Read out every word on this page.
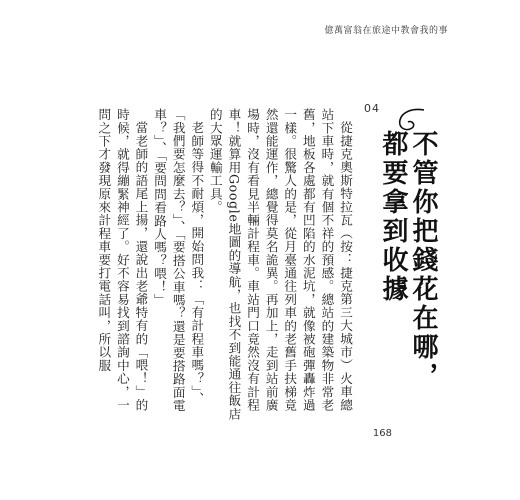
億萬富翁在旅途中教會我的事

從捷克奧斯特拉瓦（按：捷克第三大城市）火車總站下車時，就有個不祥的預感。總站的建築物非常老舊，地板各處都有凹陷的水泥坑，就像被砲彈轟炸過一樣。很驚人的是，從月臺通往列車的老舊手扶梯竟然還能運作，總覺得莫名詭異。再加上，走到站前廣場時，沒有看見半輛計程車。車站門口竟然沒有計程車！就算用Google地圖的導航，也找不到能通往飯店的大眾運輸工具。

老師等得不耐煩，開始問我：「有計程車嗎？」、「我們要怎麼去？」、「要搭公車嗎？還是要搭路面電車？」、「要問問看路人嗎？喂！」

當老師的語尾上揚，還說出老爺特有的「喂！」的時候，就得繃緊神經了。好不容易找到諮詢中心，一問之下才發現原來計程車要打電話叫，所以服	04
不管你把錢花在哪，
都要拿到收據
168
